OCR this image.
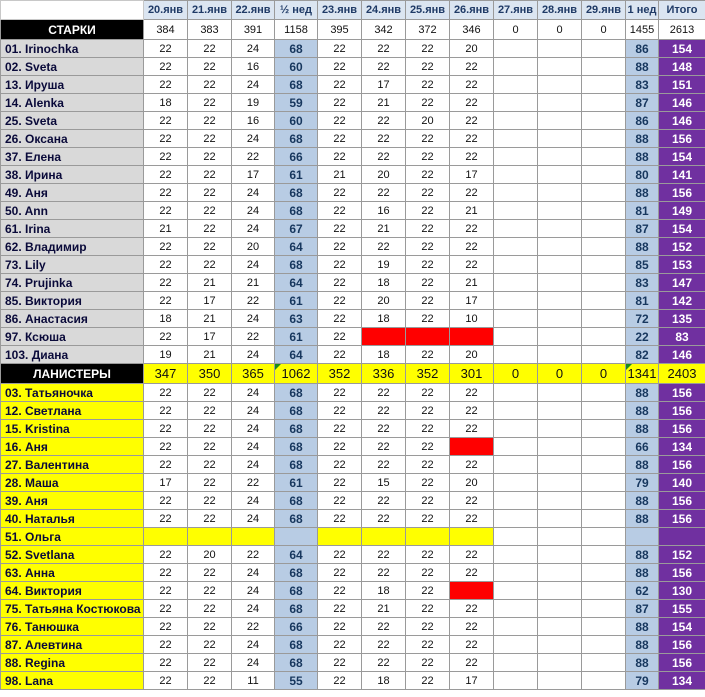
	20.янв	21.янв	22.янв	½ нед	23.янв	24.янв	25.янв	26.янв	27.янв	28.янв	29.янв	1 нед	Итого
СТАРКИ	384	383	391	1158	395	342	372	346	0	0	0	1455	2613
01. Irinochka	22	22	24	68	22	22	22	20				86	154
02. Sveta	22	22	16	60	22	22	22	22				88	148
13. Ируша	22	22	24	68	22	17	22	22				83	151
14. Alenka	18	22	19	59	22	21	22	22				87	146
25. Sveta	22	22	16	60	22	22	20	22				86	146
26. Оксана	22	22	24	68	22	22	22	22				88	156
37. Елена	22	22	22	66	22	22	22	22				88	154
38. Ирина	22	22	17	61	21	20	22	17				80	141
49. Аня	22	22	24	68	22	22	22	22				88	156
50. Ann	22	22	24	68	22	16	22	21				81	149
61. Irina	21	22	24	67	22	21	22	22				87	154
62. Владимир	22	22	20	64	22	22	22	22				88	152
73. Lily	22	22	24	68	22	19	22	22				85	153
74. Prujinka	22	21	21	64	22	18	22	21				83	147
85. Виктория	22	17	22	61	22	20	22	17				81	142
86. Анастасия	18	21	24	63	22	18	22	10				72	135
97. Ксюша	22	17	22	61	22							22	83
103. Диана	19	21	24	64	22	18	22	20				82	146
ЛАНИСТЕРЫ	347	350	365	1062	352	336	352	301	0	0	0	1341	2403
03. Татьяночка	22	22	24	68	22	22	22	22				88	156
12. Светлана	22	22	24	68	22	22	22	22				88	156
15. Kristina	22	22	24	68	22	22	22	22				88	156
16. Аня	22	22	24	68	22	22	22					66	134
27. Валентина	22	22	24	68	22	22	22	22				88	156
28. Маша	17	22	22	61	22	15	22	20				79	140
39. Аня	22	22	24	68	22	22	22	22				88	156
40. Наталья	22	22	24	68	22	22	22	22				88	156
51. Ольга													
52. Svetlana	22	20	22	64	22	22	22	22				88	152
63. Анна	22	22	24	68	22	22	22	22				88	156
64. Виктория	22	22	24	68	22	18	22					62	130
75. Татьяна Костюкова	22	22	24	68	22	21	22	22				87	155
76. Танюшка	22	22	22	66	22	22	22	22				88	154
87. Алевтина	22	22	24	68	22	22	22	22				88	156
88. Regina	22	22	24	68	22	22	22	22				88	156
98. Lana	22	22	11	55	22	18	22	17				79	134
